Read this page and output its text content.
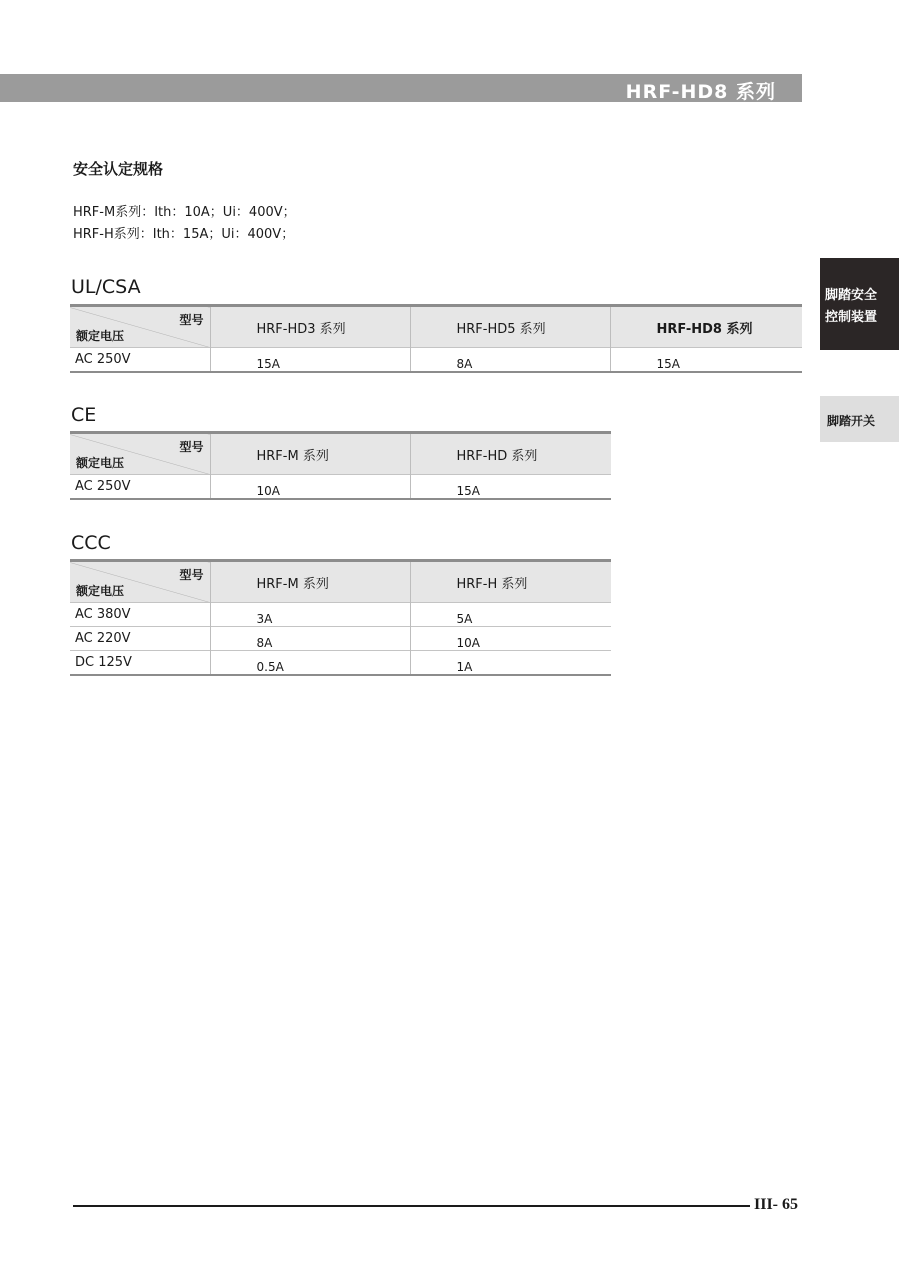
HRF-HD8 系列
脚踏安全
控制装置
脚踏开关
安全认定规格
HRF-M系列：Ith：10A；Ui：400V；
HRF-H系列：Ith：15A；Ui：400V；
UL/CSA
型号
额定电压	HRF-HD3 系列	HRF-HD5 系列	HRF-HD8 系列
AC 250V	15A	8A	15A
CE
型号
额定电压	HRF-M 系列	HRF-HD 系列
AC 250V	10A	15A
CCC
型号
额定电压	HRF-M 系列	HRF-H 系列
AC 380V	3A	5A
AC 220V	8A	10A
DC 125V	0.5A	1A
III- 65
